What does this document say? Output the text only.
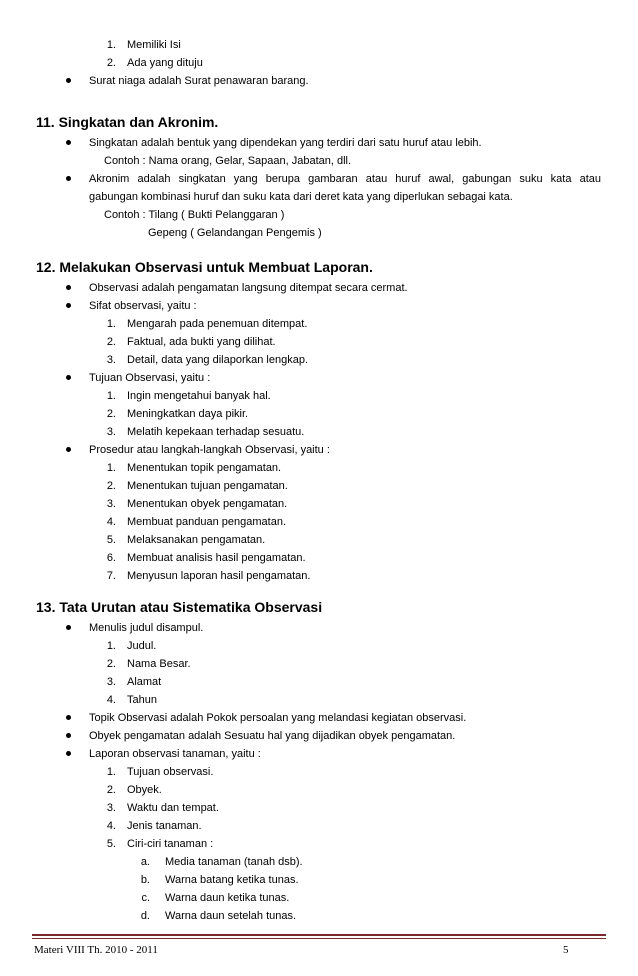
1. Memiliki Isi
2. Ada yang dituju
Surat niaga adalah Surat penawaran barang.
11. Singkatan dan Akronim.
Singkatan adalah bentuk yang dipendekan yang terdiri dari satu huruf atau lebih.
Contoh : Nama orang, Gelar, Sapaan, Jabatan, dll.
Akronim adalah singkatan yang berupa gambaran atau huruf awal, gabungan suku kata atau
gabungan kombinasi huruf dan suku kata dari deret kata yang diperlukan sebagai kata.
Contoh : Tilang ( Bukti Pelanggaran )
Gepeng ( Gelandangan Pengemis )
12. Melakukan Observasi untuk Membuat Laporan.
Observasi adalah pengamatan langsung ditempat secara cermat.
Sifat observasi, yaitu :
1. Mengarah pada penemuan ditempat.
2. Faktual, ada bukti yang dilihat.
3. Detail, data yang dilaporkan lengkap.
Tujuan Observasi, yaitu :
1. Ingin mengetahui banyak hal.
2. Meningkatkan daya pikir.
3. Melatih kepekaan terhadap sesuatu.
Prosedur atau langkah-langkah Observasi, yaitu :
1. Menentukan topik pengamatan.
2. Menentukan tujuan pengamatan.
3. Menentukan obyek pengamatan.
4. Membuat panduan pengamatan.
5. Melaksanakan pengamatan.
6. Membuat analisis hasil pengamatan.
7. Menyusun laporan hasil pengamatan.
13. Tata Urutan atau Sistematika Observasi
Menulis judul disampul.
1. Judul.
2. Nama Besar.
3. Alamat
4. Tahun
Topik Observasi adalah Pokok persoalan yang melandasi kegiatan observasi.
Obyek pengamatan adalah Sesuatu hal yang dijadikan obyek pengamatan.
Laporan observasi tanaman, yaitu :
1. Tujuan observasi.
2. Obyek.
3. Waktu dan tempat.
4. Jenis tanaman.
5. Ciri-ciri tanaman :
a. Media tanaman (tanah dsb).
b. Warna batang ketika tunas.
c. Warna daun ketika tunas.
d. Warna daun setelah tunas.
Materi VIII Th. 2010 - 2011	5
